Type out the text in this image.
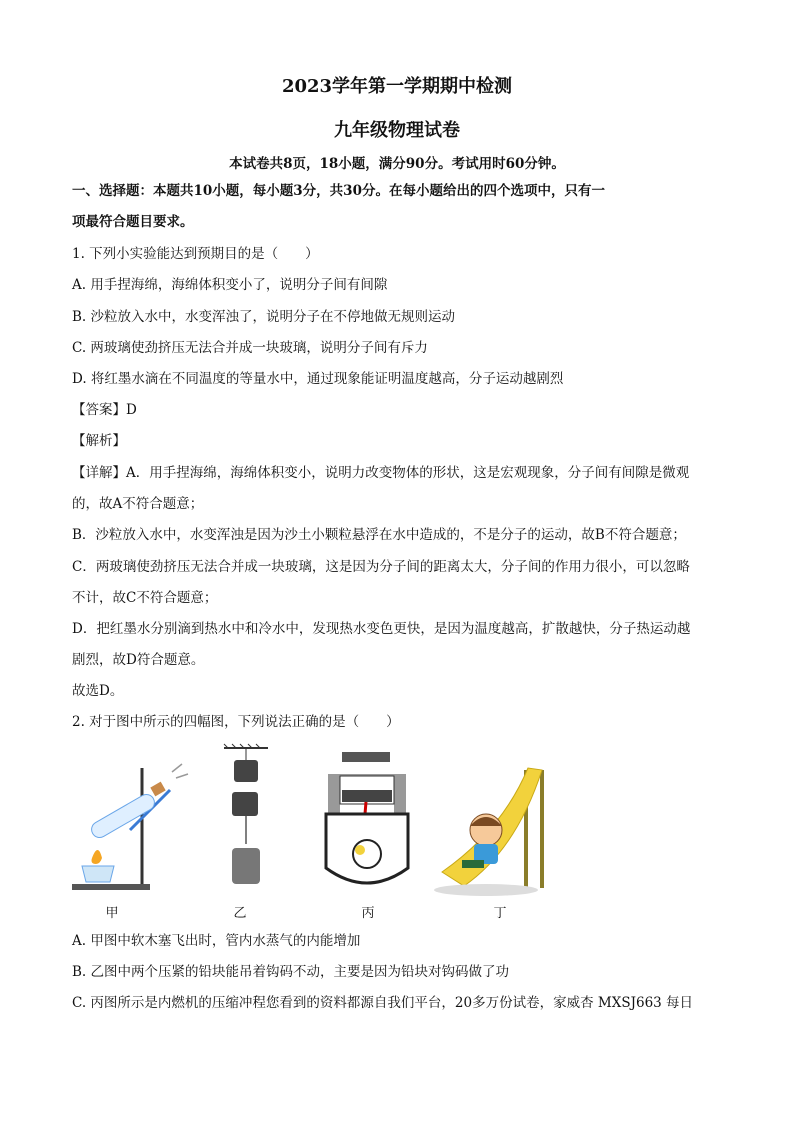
2023学年第一学期期中检测
九年级物理试卷
本试卷共8页，18小题，满分90分。考试用时60分钟。
一、选择题：本题共10小题，每小题3分，共30分。在每小题给出的四个选项中，只有一
项最符合题目要求。
1. 下列小实验能达到预期目的是（　　）
A. 用手捏海绵，海绵体积变小了，说明分子间有间隙
B. 沙粒放入水中，水变浑浊了，说明分子在不停地做无规则运动
C. 两玻璃使劲挤压无法合并成一块玻璃，说明分子间有斥力
D. 将红墨水滴在不同温度的等量水中，通过现象能证明温度越高，分子运动越剧烈
【答案】D
【解析】
【详解】A．用手捏海绵，海绵体积变小，说明力改变物体的形状，这是宏观现象，分子间有间隙是微观
的，故A不符合题意；
B．沙粒放入水中，水变浑浊是因为沙土小颗粒悬浮在水中造成的，不是分子的运动，故B不符合题意；
C．两玻璃使劲挤压无法合并成一块玻璃，这是因为分子间的距离太大，分子间的作用力很小，可以忽略
不计，故C不符合题意；
D．把红墨水分别滴到热水中和冷水中，发现热水变色更快，是因为温度越高，扩散越快，分子热运动越
剧烈，故D符合题意。
故选D。
2. 对于图中所示的四幅图，下列说法正确的是（　　）
甲	乙	丙	丁
A. 甲图中软木塞飞出时，管内水蒸气的内能增加
B. 乙图中两个压紧的铅块能吊着钩码不动，主要是因为铅块对钩码做了功
C. 丙图所示是内燃机的压缩冲程您看到的资料都源自我们平台，20多万份试卷，家威杏 MXSJ663 每日
